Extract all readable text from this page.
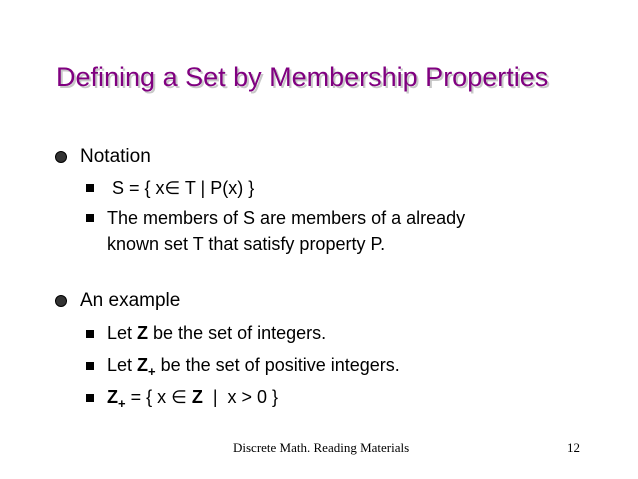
Defining a Set by Membership Properties
Notation
S = { x∈ T | P(x) }
The members of S are members of a already
known set T that satisfy property P.
An example
Let Z be the set of integers.
Let $Z_+$ be the set of positive integers.
$Z_+$ = { x ∈ Z  |  x > 0 }
Discrete Math. Reading Materials	12
